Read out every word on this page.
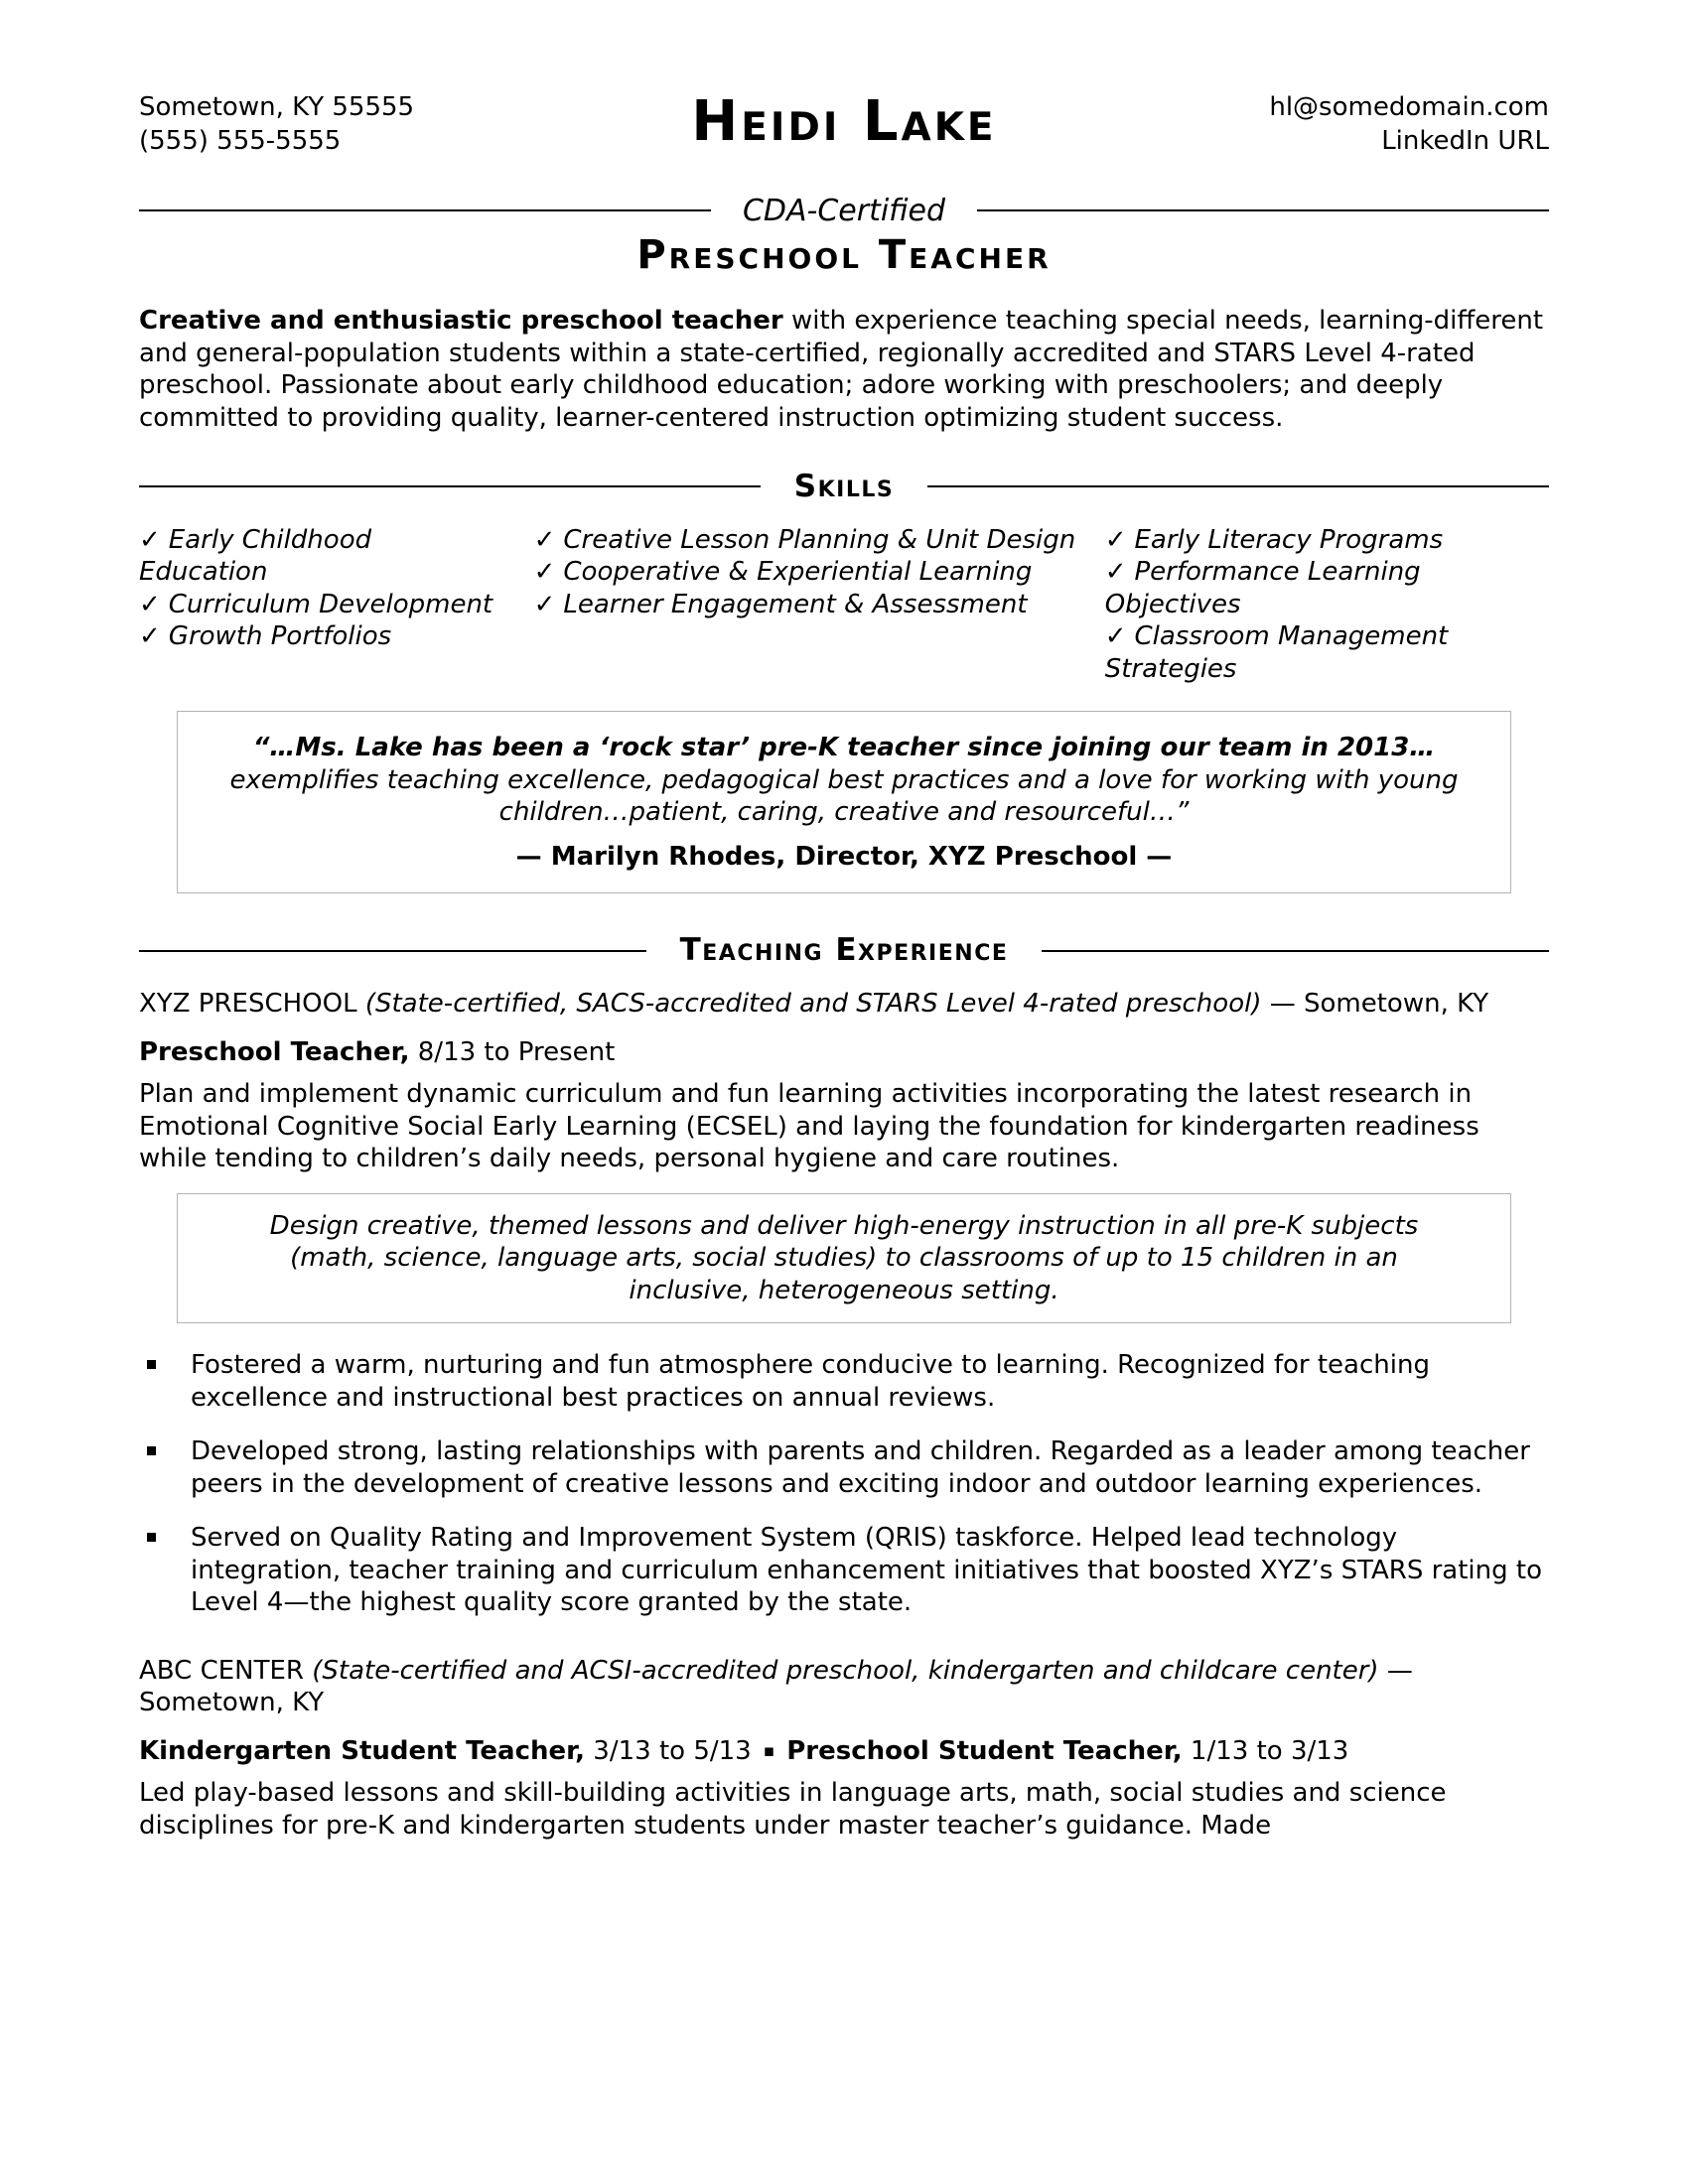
Sometown, KY 55555
(555) 555-5555	Heidi Lake	hl@somedomain.com
LinkedIn URL
CDA-Certified
Preschool Teacher

Creative and enthusiastic preschool teacher with experience teaching special needs, learning-different and general-population students within a state-certified, regionally accredited and STARS Level 4-rated preschool. Passionate about early childhood education; adore working with preschoolers; and deeply committed to providing quality, learner-centered instruction optimizing student success.

Skills
✓ Early Childhood Education
✓ Curriculum Development
✓ Growth Portfolios
✓ Creative Lesson Planning & Unit Design
✓ Cooperative & Experiential Learning
✓ Learner Engagement & Assessment
✓ Early Literacy Programs
✓ Performance Learning Objectives
✓ Classroom Management Strategies
“…Ms. Lake has been a ‘rock star’ pre-K teacher since joining our team in 2013…
exemplifies teaching excellence, pedagogical best practices and a love for working with young children…patient, caring, creative and resourceful…”
— Marilyn Rhodes, Director, XYZ Preschool —
Teaching Experience

XYZ PRESCHOOL (State-certified, SACS-accredited and STARS Level 4-rated preschool) — Sometown, KY

Preschool Teacher, 8/13 to Present

Plan and implement dynamic curriculum and fun learning activities incorporating the latest research in Emotional Cognitive Social Early Learning (ECSEL) and laying the foundation for kindergarten readiness while tending to children’s daily needs, personal hygiene and care routines.

Design creative, themed lessons and deliver high-energy instruction in all pre-K subjects (math, science, language arts, social studies) to classrooms of up to 15 children in an inclusive, heterogeneous setting.
Fostered a warm, nurturing and fun atmosphere conducive to learning. Recognized for teaching excellence and instructional best practices on annual reviews.
Developed strong, lasting relationships with parents and children. Regarded as a leader among teacher peers in the development of creative lessons and exciting indoor and outdoor learning experiences.
Served on Quality Rating and Improvement System (QRIS) taskforce. Helped lead technology integration, teacher training and curriculum enhancement initiatives that boosted XYZ’s STARS rating to Level 4—the highest quality score granted by the state.

ABC CENTER (State-certified and ACSI-accredited preschool, kindergarten and childcare center) — Sometown, KY

Kindergarten Student Teacher, 3/13 to 5/13 ▪ Preschool Student Teacher, 1/13 to 3/13

Led play-based lessons and skill-building activities in language arts, math, social studies and science disciplines for pre-K and kindergarten students under master teacher’s guidance. Made
